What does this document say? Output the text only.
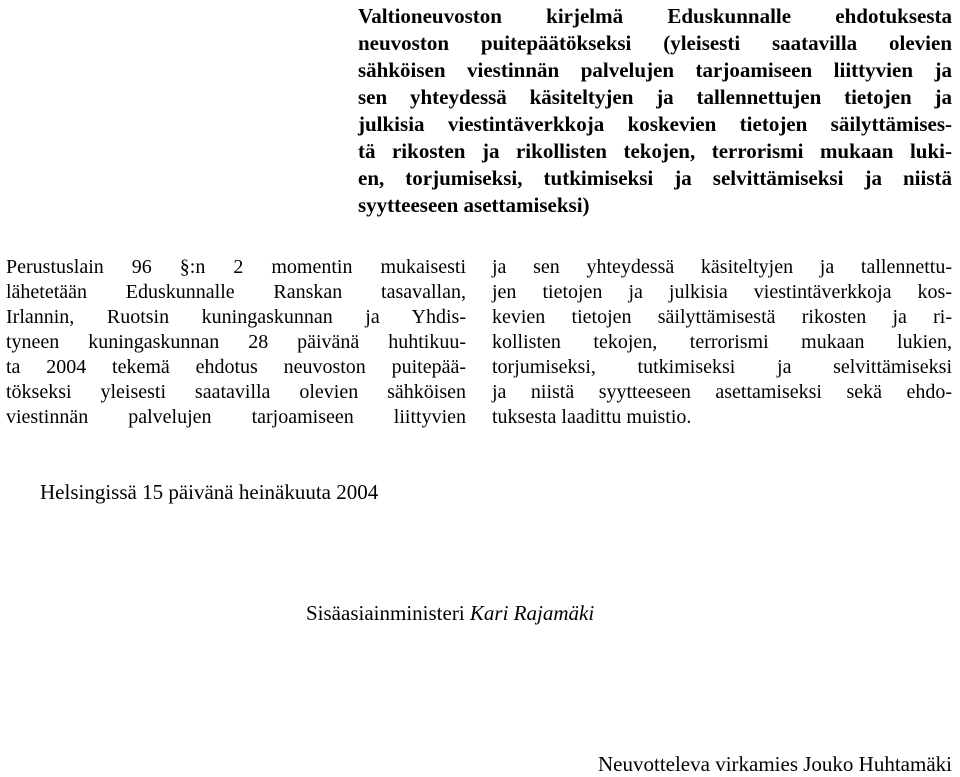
Valtioneuvoston kirjelmä Eduskunnalle ehdotuksesta

neuvoston puitepäätökseksi (yleisesti saatavilla olevien

sähköisen viestinnän palvelujen tarjoamiseen liittyvien ja

sen yhteydessä käsiteltyjen ja tallennettujen tietojen ja

julkisia viestintäverkkoja koskevien tietojen säilyttämises-

tä rikosten ja rikollisten tekojen, terrorismi mukaan luki-

en, torjumiseksi, tutkimiseksi ja selvittämiseksi ja niistä

syytteeseen asettamiseksi)

Perustuslain 96 §:n 2 momentin mukaisesti

lähetetään Eduskunnalle Ranskan tasavallan,

Irlannin, Ruotsin kuningaskunnan ja Yhdis-

tyneen kuningaskunnan 28 päivänä huhtikuu-

ta 2004 tekemä ehdotus neuvoston puitepää-

tökseksi yleisesti saatavilla olevien sähköisen

viestinnän palvelujen tarjoamiseen liittyvien

ja sen yhteydessä käsiteltyjen ja tallennettu-

jen tietojen ja julkisia viestintäverkkoja kos-

kevien tietojen säilyttämisestä rikosten ja ri-

kollisten tekojen, terrorismi mukaan lukien,

torjumiseksi, tutkimiseksi ja selvittämiseksi

ja niistä syytteeseen asettamiseksi sekä ehdo-

tuksesta laadittu muistio.

Helsingissä 15 päivänä heinäkuuta 2004

Sisäasiainministeri Kari Rajamäki

Neuvotteleva virkamies Jouko Huhtamäki
